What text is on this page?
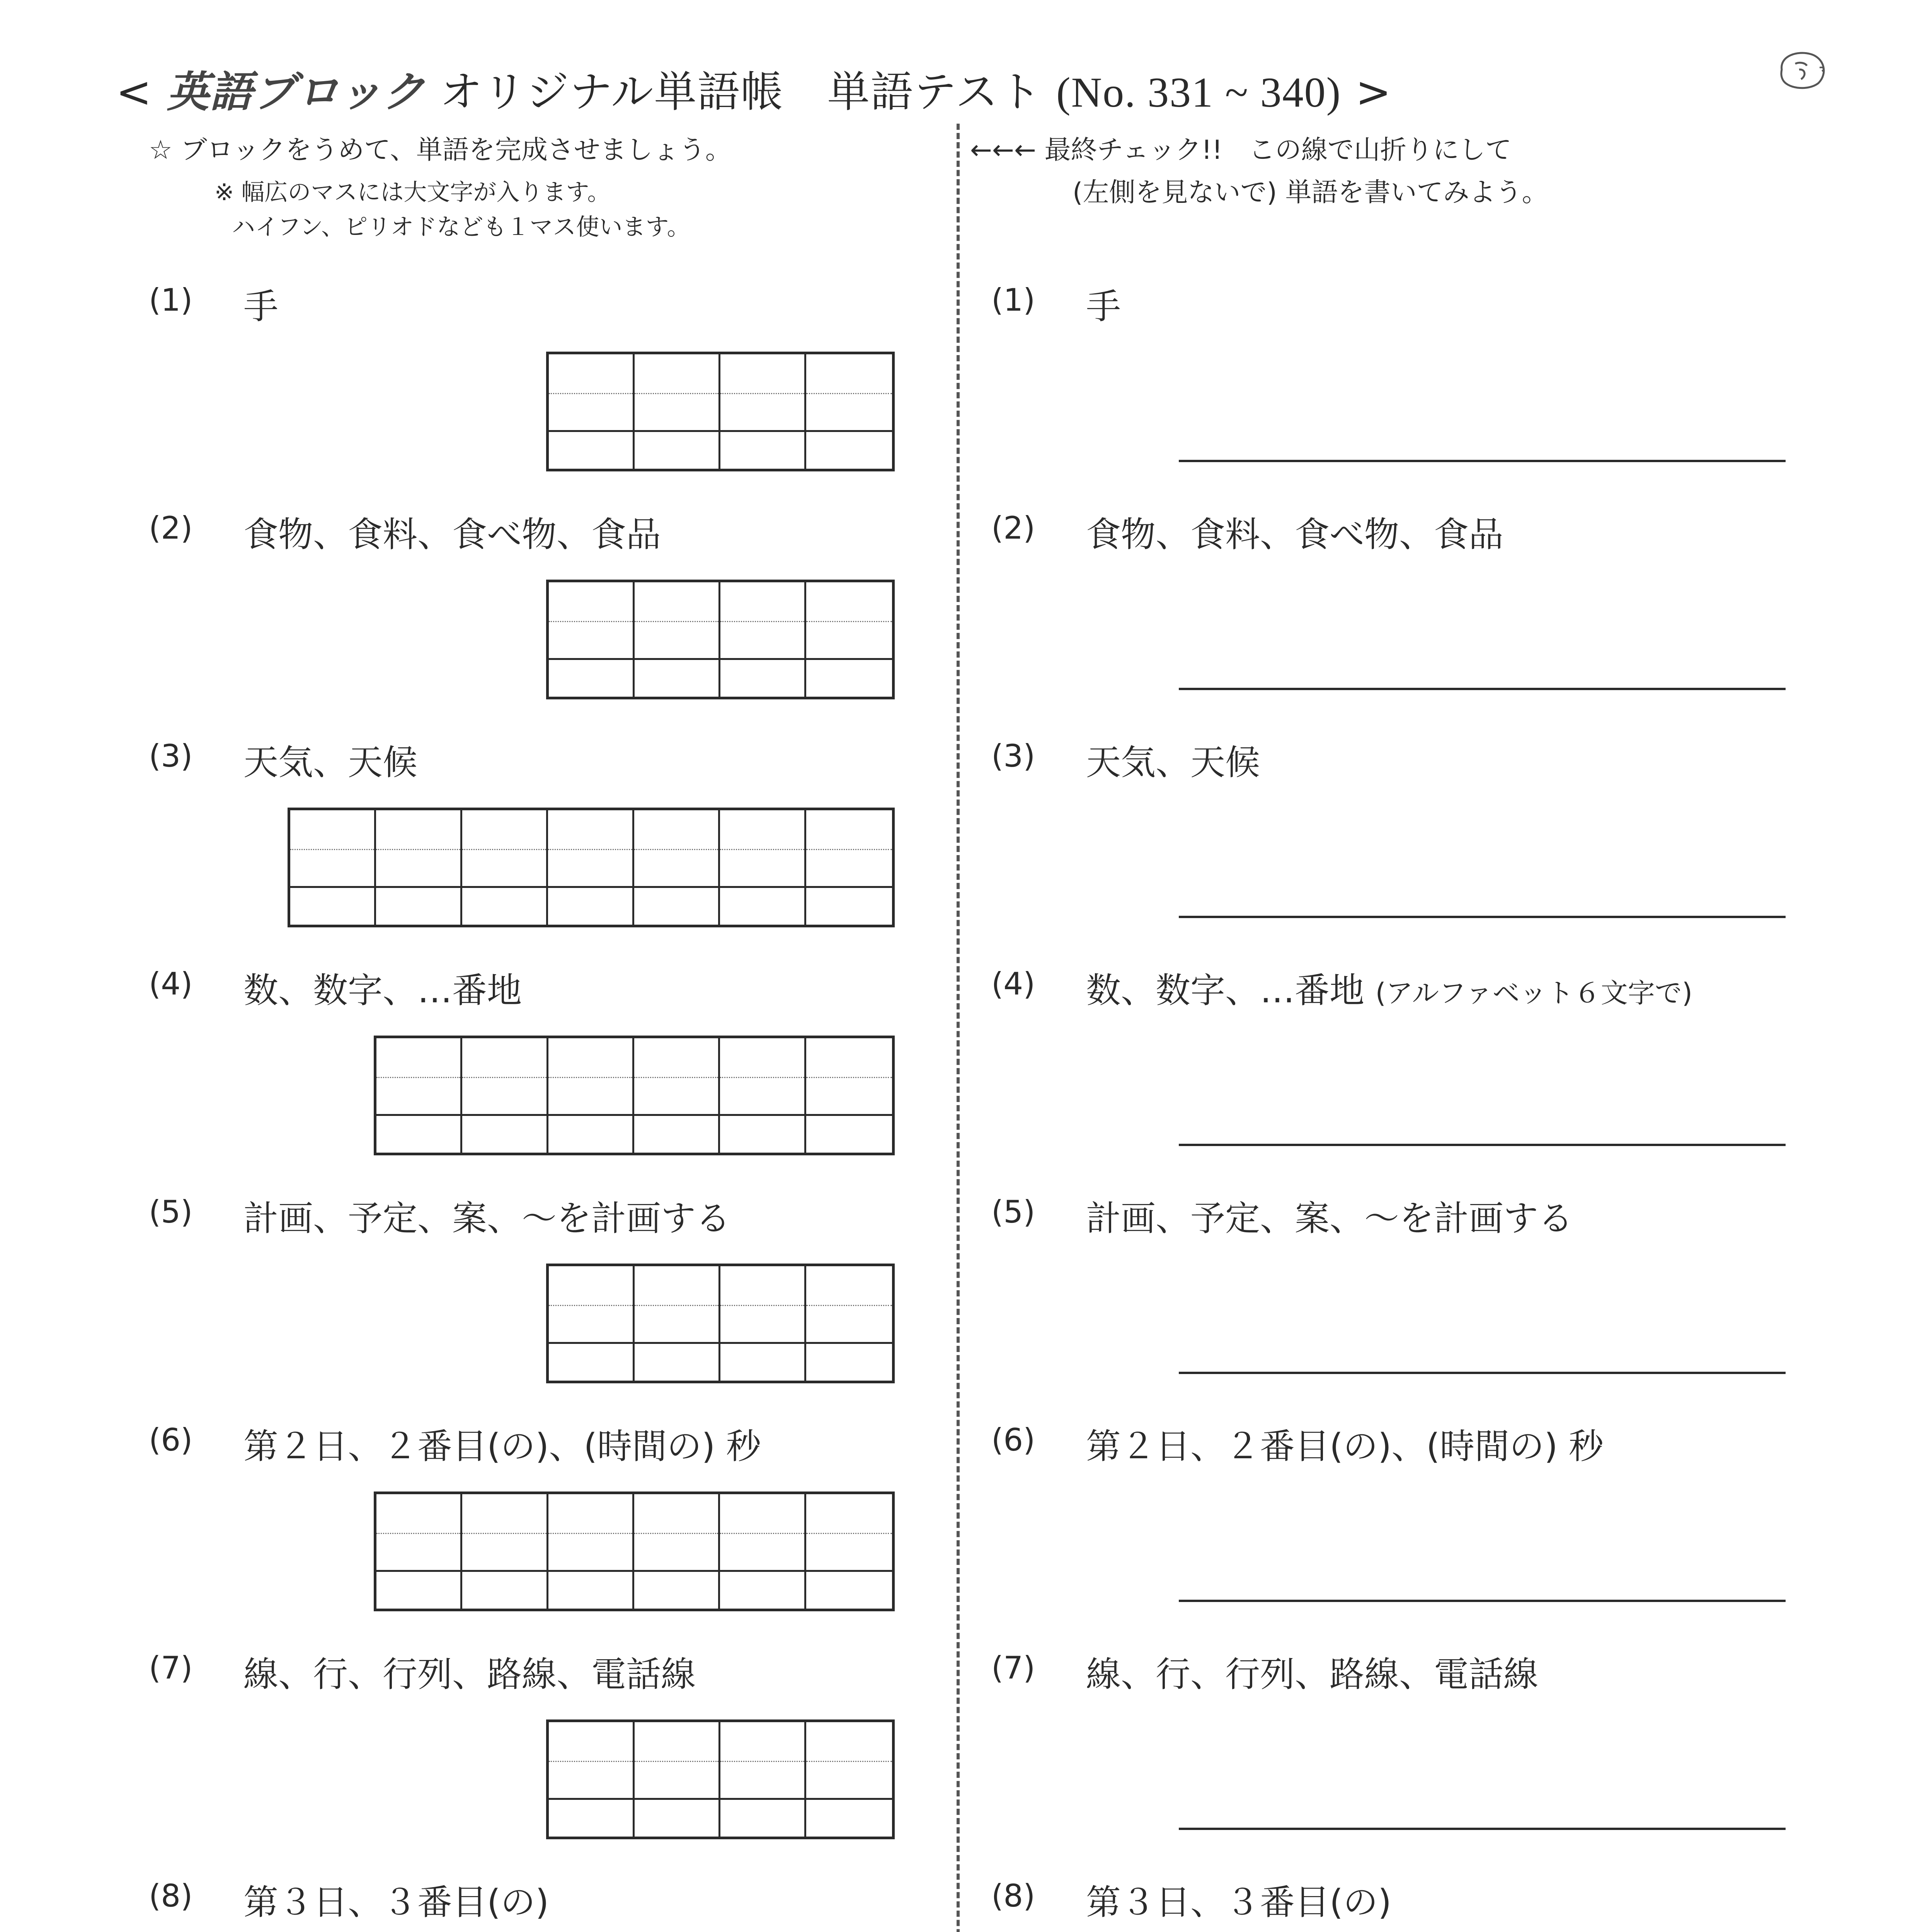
< 英語ブロック オリジナル単語帳　単語テスト (No. 331 ~ 340) >
☆ ブロックをうめて、単語を完成させましょう。
※ 幅広のマスには大文字が入ります。
ハイフン、ピリオドなども１マス使います。
←←← 最終チェック!!　この線で山折りにして
(左側を見ないで) 単語を書いてみよう。
(1) 手	(1) 手
(2) 食物、食料、食べ物、食品	(2) 食物、食料、食べ物、食品
(3) 天気、天候	(3) 天気、天候
(4) 数、数字、…番地	(4) 数、数字、…番地 (アルファベット６文字で)
(5) 計画、予定、案、～を計画する	(5) 計画、予定、案、～を計画する
(6) 第２日、２番目(の)、(時間の) 秒	(6) 第２日、２番目(の)、(時間の) 秒
(7) 線、行、行列、路線、電話線	(7) 線、行、行列、路線、電話線
(8) 第３日、３番目(の)	(8) 第３日、３番目(の)
